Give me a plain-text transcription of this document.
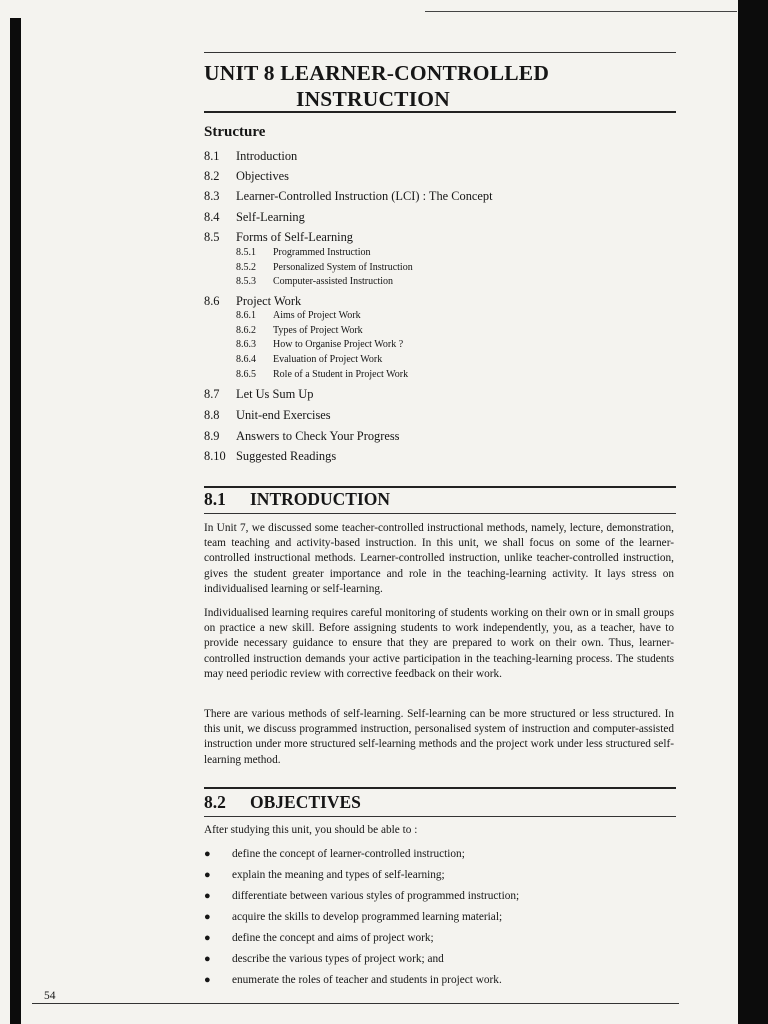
UNIT 8 LEARNER-CONTROLLED
INSTRUCTION
Structure
8.1 Introduction
8.2 Objectives
8.3 Learner-Controlled Instruction (LCI) : The Concept
8.4 Self-Learning
8.5 Forms of Self-Learning
8.5.1 Programmed Instruction
8.5.2 Personalized System of Instruction
8.5.3 Computer-assisted Instruction
8.6 Project Work
8.6.1 Aims of Project Work
8.6.2 Types of Project Work
8.6.3 How to Organise Project Work ?
8.6.4 Evaluation of Project Work
8.6.5 Role of a Student in Project Work
8.7 Let Us Sum Up
8.8 Unit-end Exercises
8.9 Answers to Check Your Progress
8.10 Suggested Readings
8.1 INTRODUCTION

In Unit 7, we discussed some teacher-controlled instructional methods, namely, lecture, demonstration, team teaching and activity-based instruction. In this unit, we shall focus on some of the learner-controlled instructional methods. Learner-controlled instruction, unlike teacher-controlled instruction, gives the student greater importance and role in the teaching-learning activity. It lays stress on individualised learning or self-learning.

Individualised learning requires careful monitoring of students working on their own or in small groups on practice a new skill. Before assigning students to work independently, you, as a teacher, have to provide necessary guidance to ensure that they are prepared to work on their own. Thus, learner-controlled instruction demands your active participation in the teaching-learning process. The students may need periodic review with corrective feedback on their work.

There are various methods of self-learning. Self-learning can be more structured or less structured. In this unit, we discuss programmed instruction, personalised system of instruction and computer-assisted instruction under more structured self-learning methods and the project work under less structured self-learning method.

8.2 OBJECTIVES
After studying this unit, you should be able to :
● define the concept of learner-controlled instruction;
● explain the meaning and types of self-learning;
● differentiate between various styles of programmed instruction;
● acquire the skills to develop programmed learning material;
● define the concept and aims of project work;
● describe the various types of project work; and
● enumerate the roles of teacher and students in project work.
54
